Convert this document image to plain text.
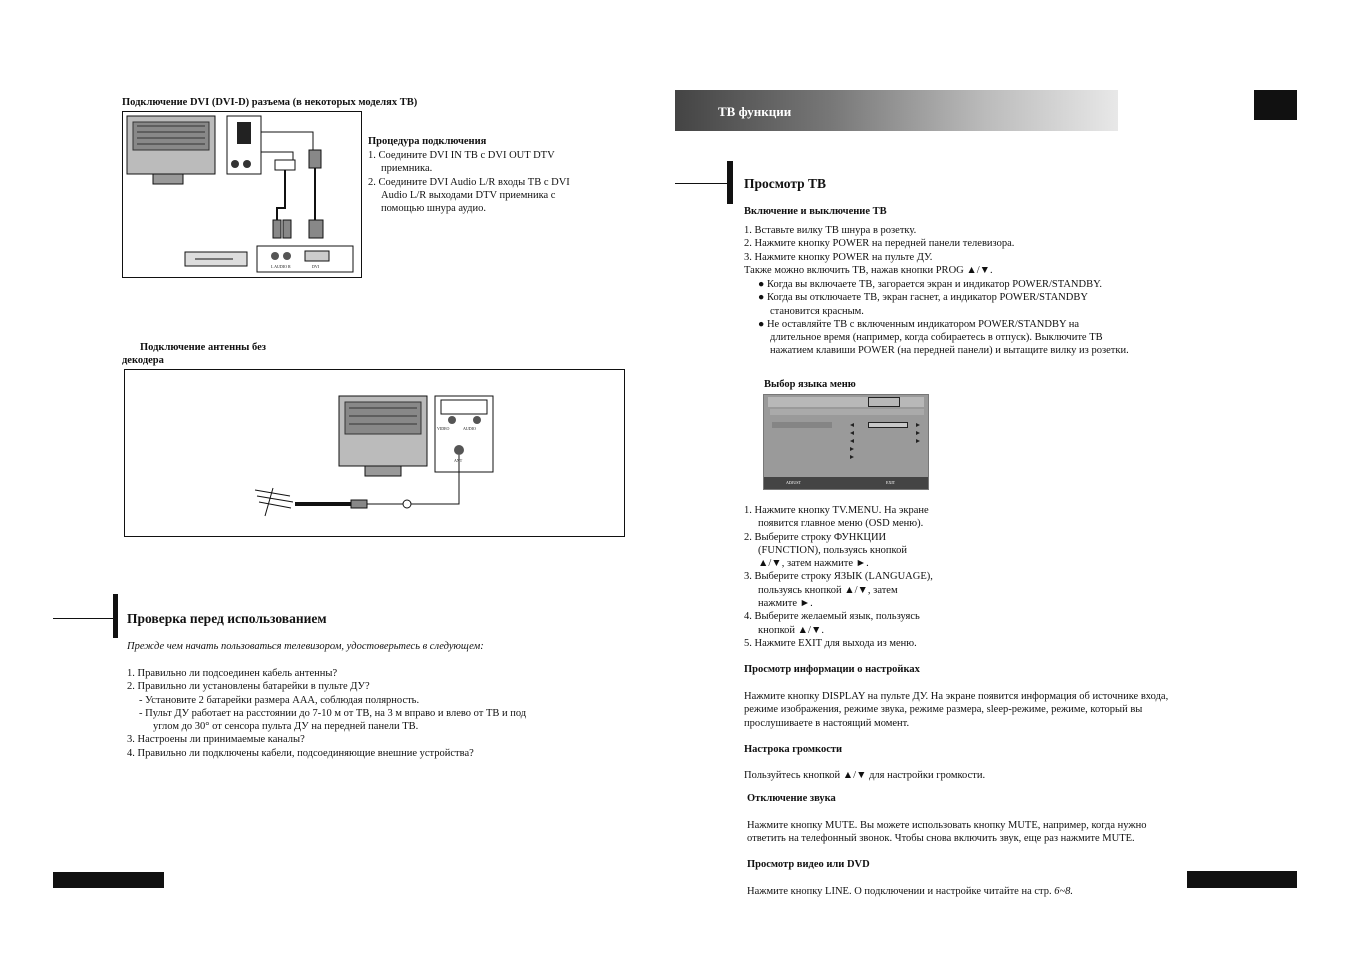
Подключение DVI (DVI-D) разъема (в некоторых моделях ТВ)
L AUDIO R	DVI
Процедура подключения
1. Соедините DVI IN ТВ с DVI OUT DTV
приемника.
2. Соедините DVI Audio L/R входы ТВ с DVI
Audio L/R выходами DTV приемника с
помощью шнура аудио.
Подключение антенны без
декодера
VIDEO	AUDIO
ANT
Проверка перед использованием
Прежде чем начать пользоваться телевизором, удостоверьтесь в следующем:
1. Правильно ли подсоединен кабель антенны?
2. Правильно ли установлены батарейки в пульте ДУ?
- Установите 2 батарейки размера AAA, соблюдая полярность.
- Пульт ДУ работает на расстоянии до 7-10 м от ТВ, на 3 м вправо и влево от ТВ и под
углом до 30° от сенсора пульта ДУ на передней панели ТВ.
3. Настроены ли принимаемые каналы?
4. Правильно ли подключены кабели, подсоединяющие внешние устройства?
ТВ функции
Просмотр ТВ
Включение и выключение ТВ
1. Вставьте вилку ТВ шнура в розетку.
2. Нажмите кнопку POWER на передней панели телевизора.
3. Нажмите кнопку POWER на пульте ДУ.
Также можно включить ТВ, нажав кнопки PROG ▲/▼.
● Когда вы включаете ТВ, загорается экран и индикатор POWER/STANDBY.
● Когда вы отключаете ТВ, экран гаснет, а индикатор POWER/STANDBY
становится красным.
● Не оставляйте ТВ с включенным индикатором POWER/STANDBY на
длительное время (например, когда собираетесь в отпуск). Выключите ТВ
нажатием клавиши POWER (на передней панели) и вытащите вилку из розетки.
Выбор языка меню
ADJUST	EXIT
1. Нажмите кнопку TV.MENU. На экране
появится главное меню (OSD меню).
2. Выберите строку ФУНКЦИИ
(FUNCTION), пользуясь кнопкой
▲/▼, затем нажмите ►.
3. Выберите строку ЯЗЫК (LANGUAGE),
пользуясь кнопкой ▲/▼, затем
нажмите ►.
4. Выберите желаемый язык, пользуясь
кнопкой ▲/▼.
5. Нажмите EXIT для выхода из меню.
Просмотр информации о настройках
Нажмите кнопку DISPLAY на пульте ДУ. На экране появится информация об источнике входа,
режиме изображения, режиме звука, режиме размера, sleep-режиме, режиме, который вы
прослушиваете в настоящий момент.
Настрока громкости
Пользуйтесь кнопкой ▲/▼ для настройки громкости.
Отключение звука
Нажмите кнопку MUTE. Вы можете использовать кнопку MUTE, например, когда нужно
ответить на телефонный звонок. Чтобы снова включить звук, еще раз нажмите MUTE.
Просмотр видео или DVD
Нажмите кнопку LINE. О подключении и настройке читайте на стр. 6~8.
